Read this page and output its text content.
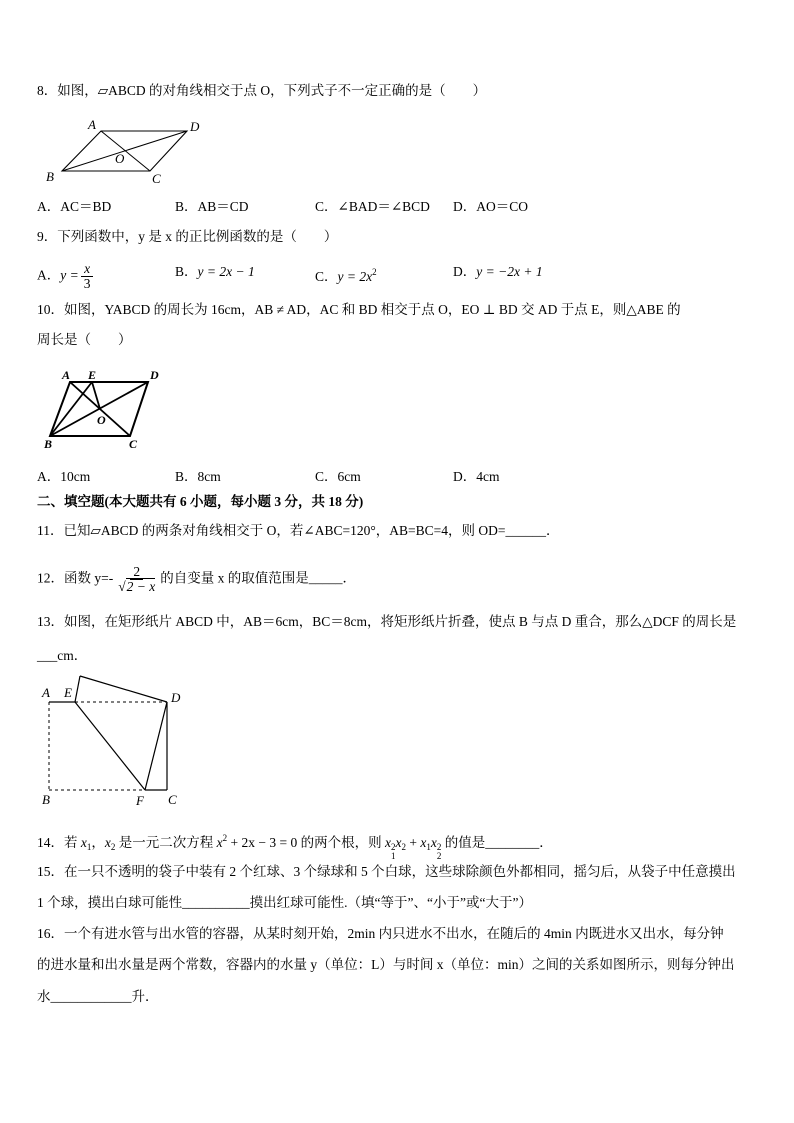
8．如图，▱ABCD 的对角线相交于点 O，下列式子不一定正确的是（　　）
A	D
O
B	C
A．AC＝BD	B．AB＝CD	C．∠BAD＝∠BCD D．AO＝CO
9．下列函数中，y 是 x 的正比例函数的是（　　）
A．$y = \frac{x}{3}$	B．y = 2x − 1	C．$y = 2x^2$	D．y = −2x + 1
10．如图，YABCD 的周长为 16cm，AB ≠ AD，AC 和 BD 相交于点 O，EO ⊥ BD 交 AD 于点 E，则△ABE 的
周长是（　　）
A E	D
O
B	C
A．10cm	B．8cm	C．6cm	D．4cm
二、填空题(本大题共有 6 小题，每小题 3 分，共 18 分)
11．已知▱ABCD 的两条对角线相交于 O，若∠ABC=120°，AB=BC=4，则 OD=______．
12．函数 $y=- \frac{2}{√2 - x}$ 的自变量 x 的取值范围是_____．
13．如图，在矩形纸片 ABCD 中，AB＝6cm，BC＝8cm，将矩形纸片折叠，使点 B 与点 D 重合，那么△DCF 的周长是
___cm．
A E	D
B	F C
14．若 $x_1$，$x_2$ 是一元二次方程 $x^2 + 2x - 3 = 0$ 的两个根，则 x 2
1
$x_2 + x_1x$ 2
2
的值是________．
15．在一只不透明的袋子中装有 2 个红球、3 个绿球和 5 个白球，这些球除颜色外都相同，摇匀后，从袋子中任意摸出
1 个球，摸出白球可能性__________摸出红球可能性.（填“等于”、“小于”或“大于”）
16．一个有进水管与出水管的容器，从某时刻开始，2min 内只进水不出水，在随后的 4min 内既进水又出水，每分钟
的进水量和出水量是两个常数，容器内的水量 y（单位：L）与时间 x（单位：min）之间的关系如图所示，则每分钟出
水____________升．
